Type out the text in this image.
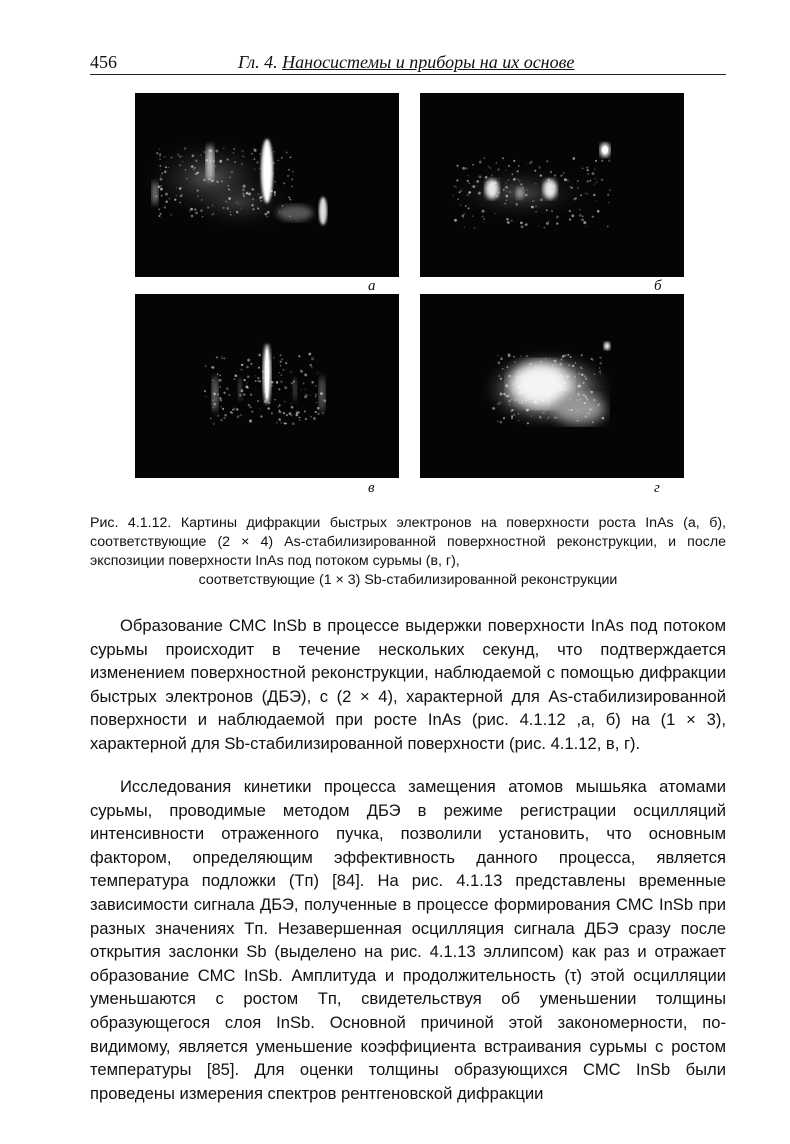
456	Гл. 4. Наносистемы и приборы на их основе
а	б
в	г
Рис. 4.1.12. Картины дифракции быстрых электронов на поверхности роста InAs (а, б), соответствующие (2 × 4) As-стабилизированной поверхностной реконструкции, и после экспозиции поверхности InAs под потоком сурьмы (в, г),
соответствующие (1 × 3) Sb-стабилизированной реконструкции

Образование СМС InSb в процессе выдержки поверхности InAs под потоком сурьмы происходит в течение нескольких секунд, что подтверждается изменением поверхностной реконструкции, наблюдаемой с помощью дифракции быстрых электронов (ДБЭ), с (2 × 4), характерной для As-стабилизированной поверхности и наблюдаемой при росте InAs (рис. 4.1.12 ,а, б) на (1 × 3), характерной для Sb-стабилизированной поверхности (рис. 4.1.12, в, г).

Исследования кинетики процесса замещения атомов мышьяка атомами сурьмы, проводимые методом ДБЭ в режиме регистрации осцилляций интенсивности отраженного пучка, позволили установить, что основным фактором, определяющим эффективность данного процесса, является температура подложки (Tп) [84]. На рис. 4.1.13 представлены временные зависимости сигнала ДБЭ, полученные в процессе формирования СМС InSb при разных значениях Tп. Незавершенная осцилляция сигнала ДБЭ сразу после открытия заслонки Sb (выделено на рис. 4.1.13 эллипсом) как раз и отражает образование СМС InSb. Амплитуда и продолжительность (τ) этой осцилляции уменьшаются с ростом Tп, свидетельствуя об уменьшении толщины образующегося слоя InSb. Основной причиной этой закономерности, по-видимому, является уменьшение коэффициента встраивания сурьмы с ростом температуры [85]. Для оценки толщины образующихся СМС InSb были проведены измерения спектров рентгеновской дифракции
